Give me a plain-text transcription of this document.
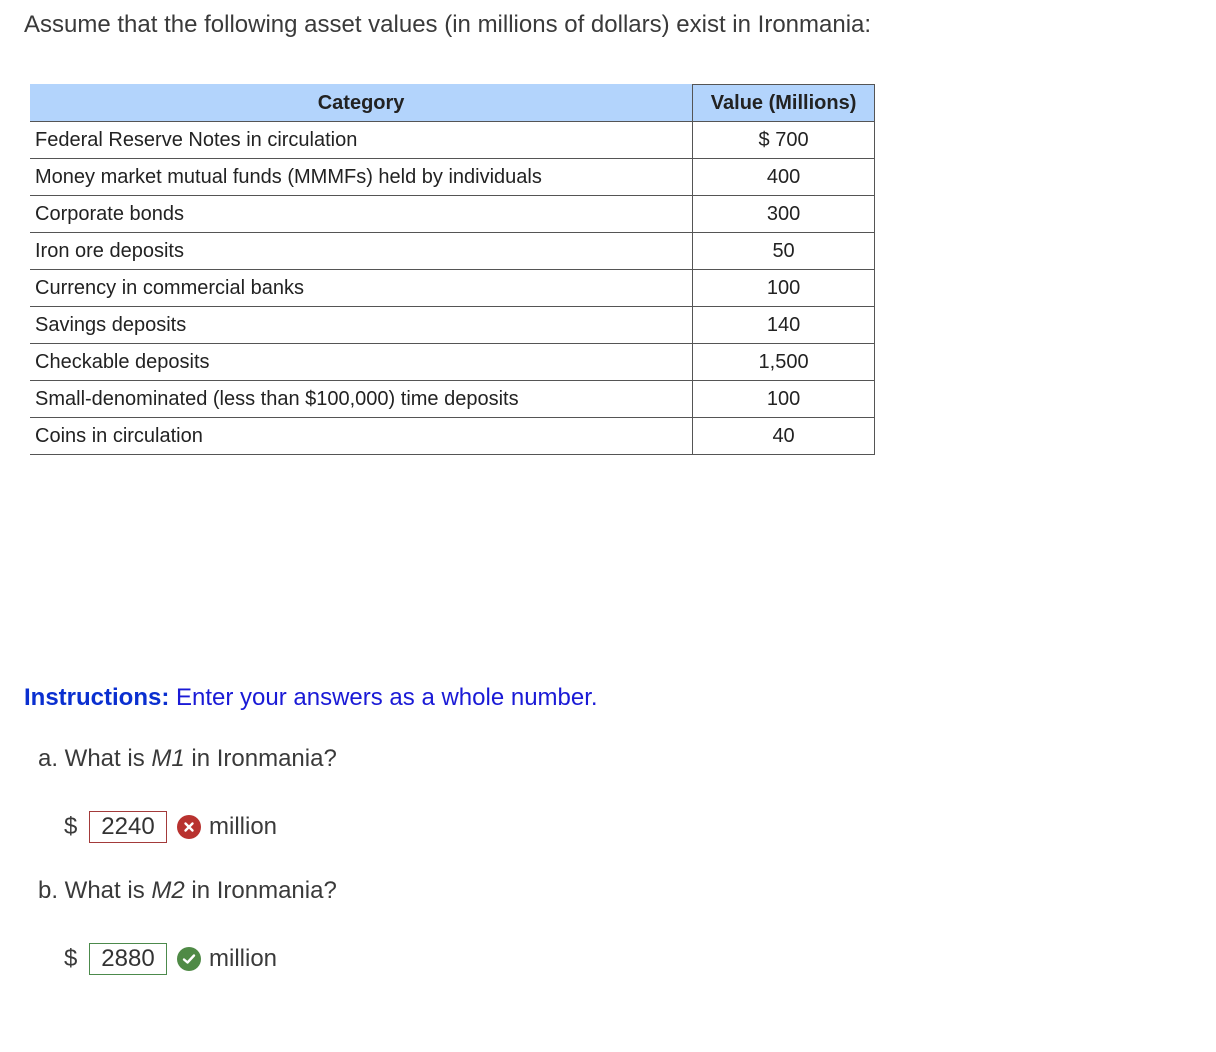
Assume that the following asset values (in millions of dollars) exist in Ironmania:
Category	Value (Millions)
Federal Reserve Notes in circulation	$ 700
Money market mutual funds (MMMFs) held by individuals	400
Corporate bonds	300
Iron ore deposits	50
Currency in commercial banks	100
Savings deposits	140
Checkable deposits	1,500
Small-denominated (less than $100,000) time deposits	100
Coins in circulation	40
Instructions: Enter your answers as a whole number.
a. What is M1 in Ironmania?
$ 2240	million
b. What is M2 in Ironmania?
$ 2880	million
